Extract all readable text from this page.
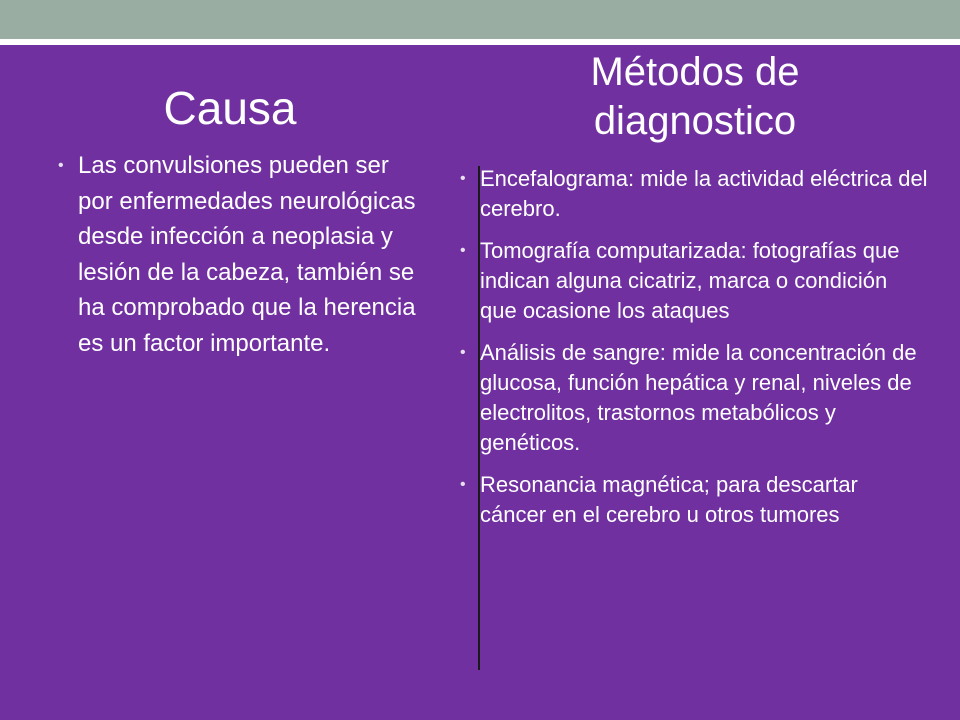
Causa
Métodos de
diagnostico
• Las convulsiones pueden ser por enfermedades neurológicas desde infección a neoplasia y lesión de la cabeza, también se ha comprobado que la herencia es un factor importante.
• Encefalograma: mide la actividad eléctrica del cerebro.
• Tomografía computarizada: fotografías que indican alguna cicatriz, marca o condición que ocasione los ataques
• Análisis de sangre: mide la concentración de glucosa, función hepática y renal, niveles de electrolitos, trastornos metabólicos y genéticos.
• Resonancia magnética; para descartar cáncer en el cerebro u otros tumores
